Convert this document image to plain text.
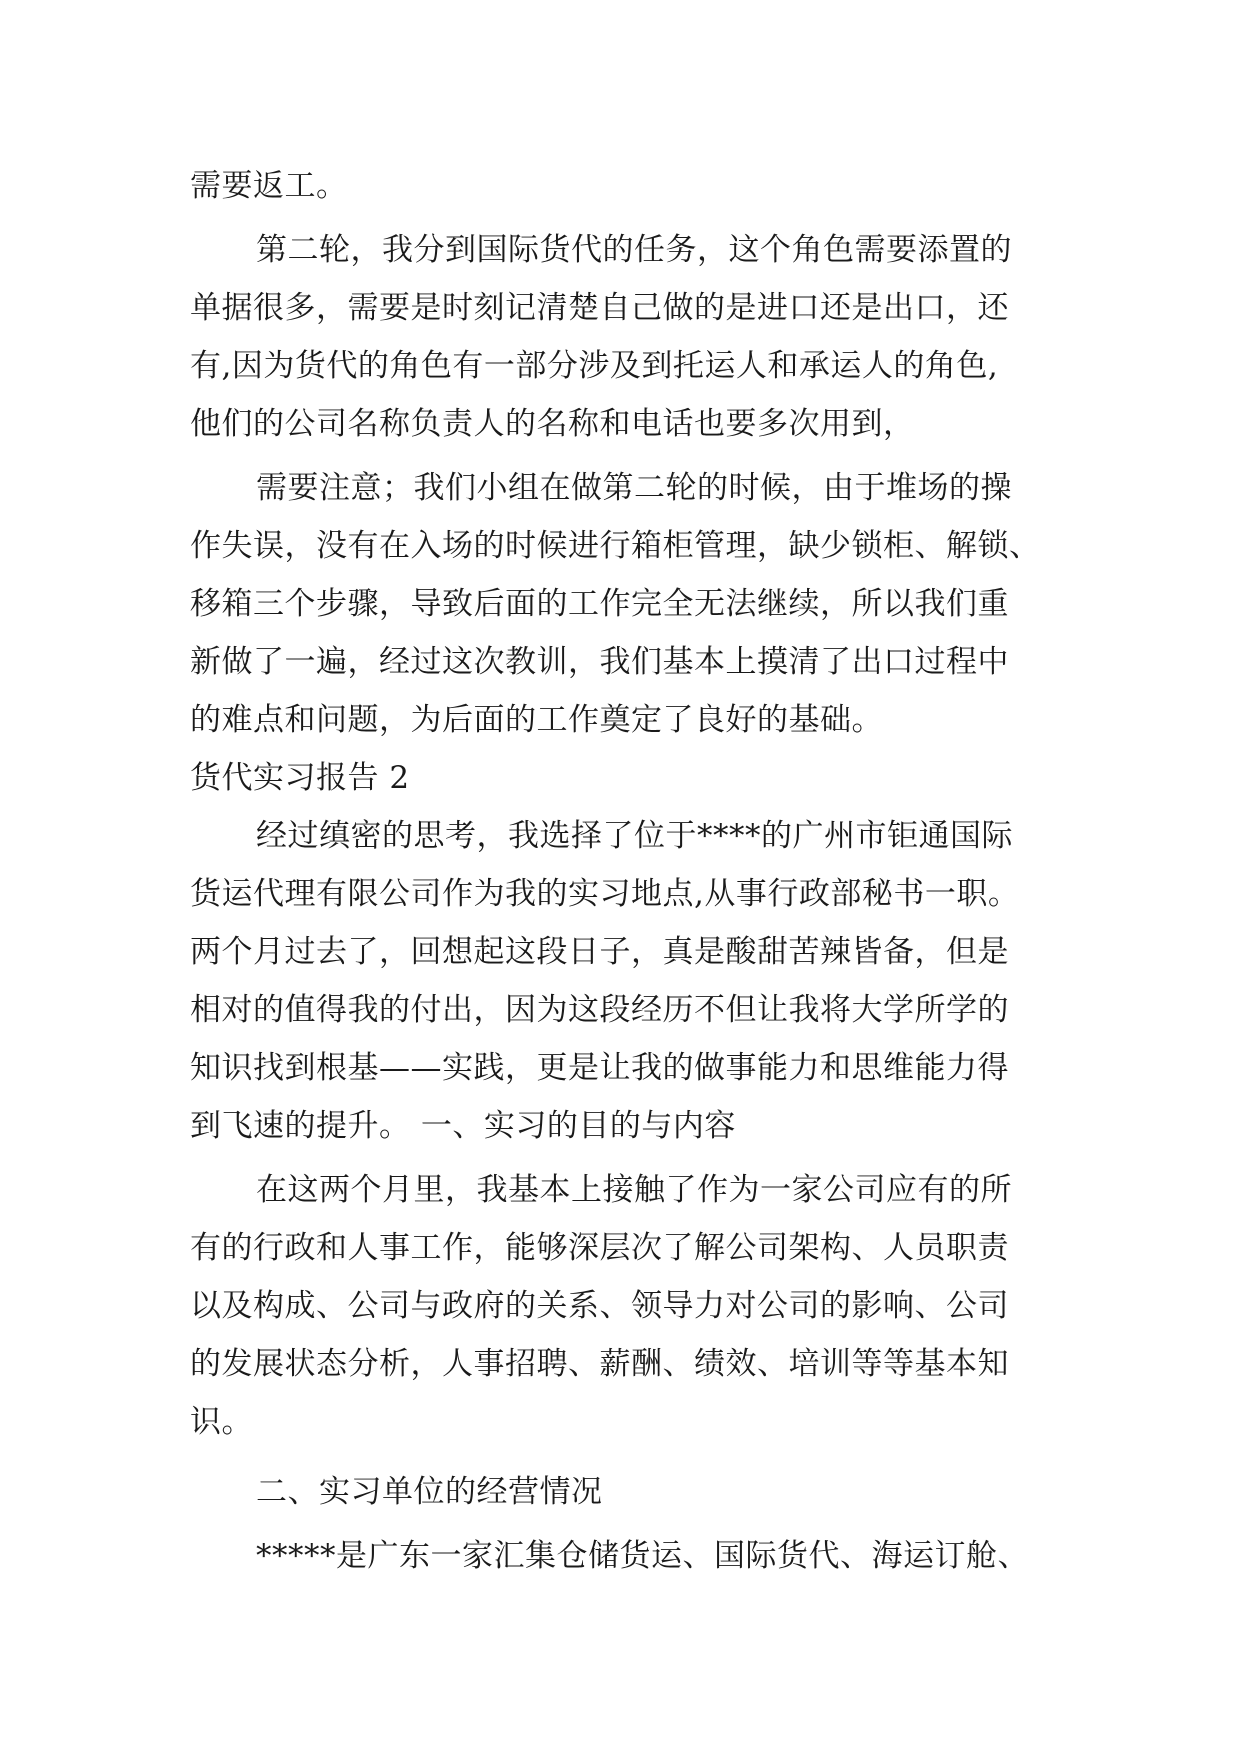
需要返工。
第二轮，我分到国际货代的任务，这个角色需要添置的
单据很多，需要是时刻记清楚自己做的是进口还是出口，还
有,因为货代的角色有一部分涉及到托运人和承运人的角色,
他们的公司名称负责人的名称和电话也要多次用到，
需要注意；我们小组在做第二轮的时候，由于堆场的操
作失误，没有在入场的时候进行箱柜管理，缺少锁柜、解锁、
移箱三个步骤，导致后面的工作完全无法继续，所以我们重
新做了一遍，经过这次教训，我们基本上摸清了出口过程中
的难点和问题，为后面的工作奠定了良好的基础。
货代实习报告 2
经过缜密的思考，我选择了位于****的广州市钜通国际
货运代理有限公司作为我的实习地点,从事行政部秘书一职。
两个月过去了，回想起这段日子，真是酸甜苦辣皆备，但是
相对的值得我的付出，因为这段经历不但让我将大学所学的
知识找到根基——实践，更是让我的做事能力和思维能力得
到飞速的提升。 一、实习的目的与内容
在这两个月里，我基本上接触了作为一家公司应有的所
有的行政和人事工作，能够深层次了解公司架构、人员职责
以及构成、公司与政府的关系、领导力对公司的影响、公司
的发展状态分析，人事招聘、薪酬、绩效、培训等等基本知
识。
二、实习单位的经营情况
*****是广东一家汇集仓储货运、国际货代、海运订舱、
